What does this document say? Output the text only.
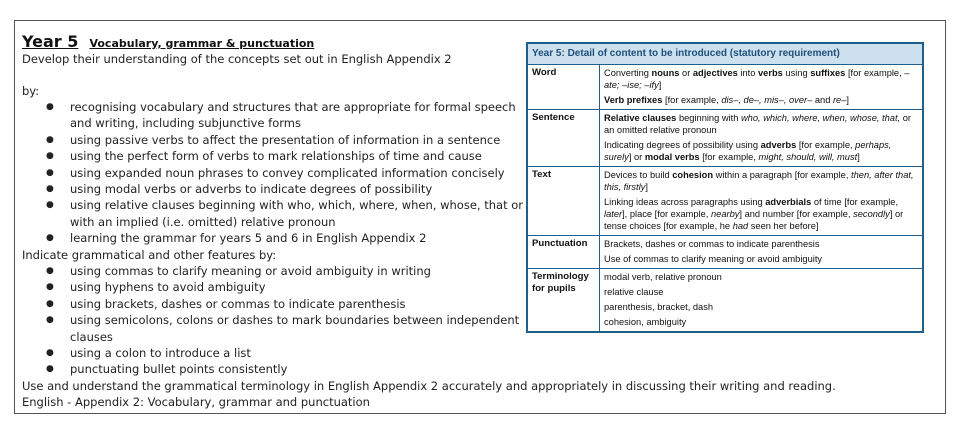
Year 5 Vocabulary, grammar & punctuation
Develop their understanding of the concepts set out in English Appendix 2
by:
● recognising vocabulary and structures that are appropriate for formal speech
and writing, including subjunctive forms
● using passive verbs to affect the presentation of information in a sentence
● using the perfect form of verbs to mark relationships of time and cause
● using expanded noun phrases to convey complicated information concisely
● using modal verbs or adverbs to indicate degrees of possibility
● using relative clauses beginning with who, which, where, when, whose, that or
with an implied (i.e. omitted) relative pronoun
● learning the grammar for years 5 and 6 in English Appendix 2
Indicate grammatical and other features by:
● using commas to clarify meaning or avoid ambiguity in writing
● using hyphens to avoid ambiguity
● using brackets, dashes or commas to indicate parenthesis
● using semicolons, colons or dashes to mark boundaries between independent
clauses
● using a colon to introduce a list
● punctuating bullet points consistently
Use and understand the grammatical terminology in English Appendix 2 accurately and appropriately in discussing their writing and reading.
English - Appendix 2: Vocabulary, grammar and punctuation
Year 5: Detail of content to be introduced (statutory requirement)	
Word	Converting nouns or adjectives into verbs using suffixes [for example, –ate; –ise; –ify]

Verb prefixes [for example, dis–, de–, mis–, over– and re–]

Sentence	Relative clauses beginning with who, which, where, when, whose, that, or an omitted relative pronoun

Indicating degrees of possibility using adverbs [for example, perhaps, surely] or modal verbs [for example, might, should, will, must]

Text	Devices to build cohesion within a paragraph [for example, then, after that, this, firstly]

Linking ideas across paragraphs using adverbials of time [for example, later], place [for example, nearby] and number [for example, secondly] or tense choices [for example, he had seen her before]

Punctuation	Brackets, dashes or commas to indicate parenthesis

Use of commas to clarify meaning or avoid ambiguity

Terminology for pupils	modal verb, relative pronoun

relative clause

parenthesis, bracket, dash

cohesion, ambiguity
